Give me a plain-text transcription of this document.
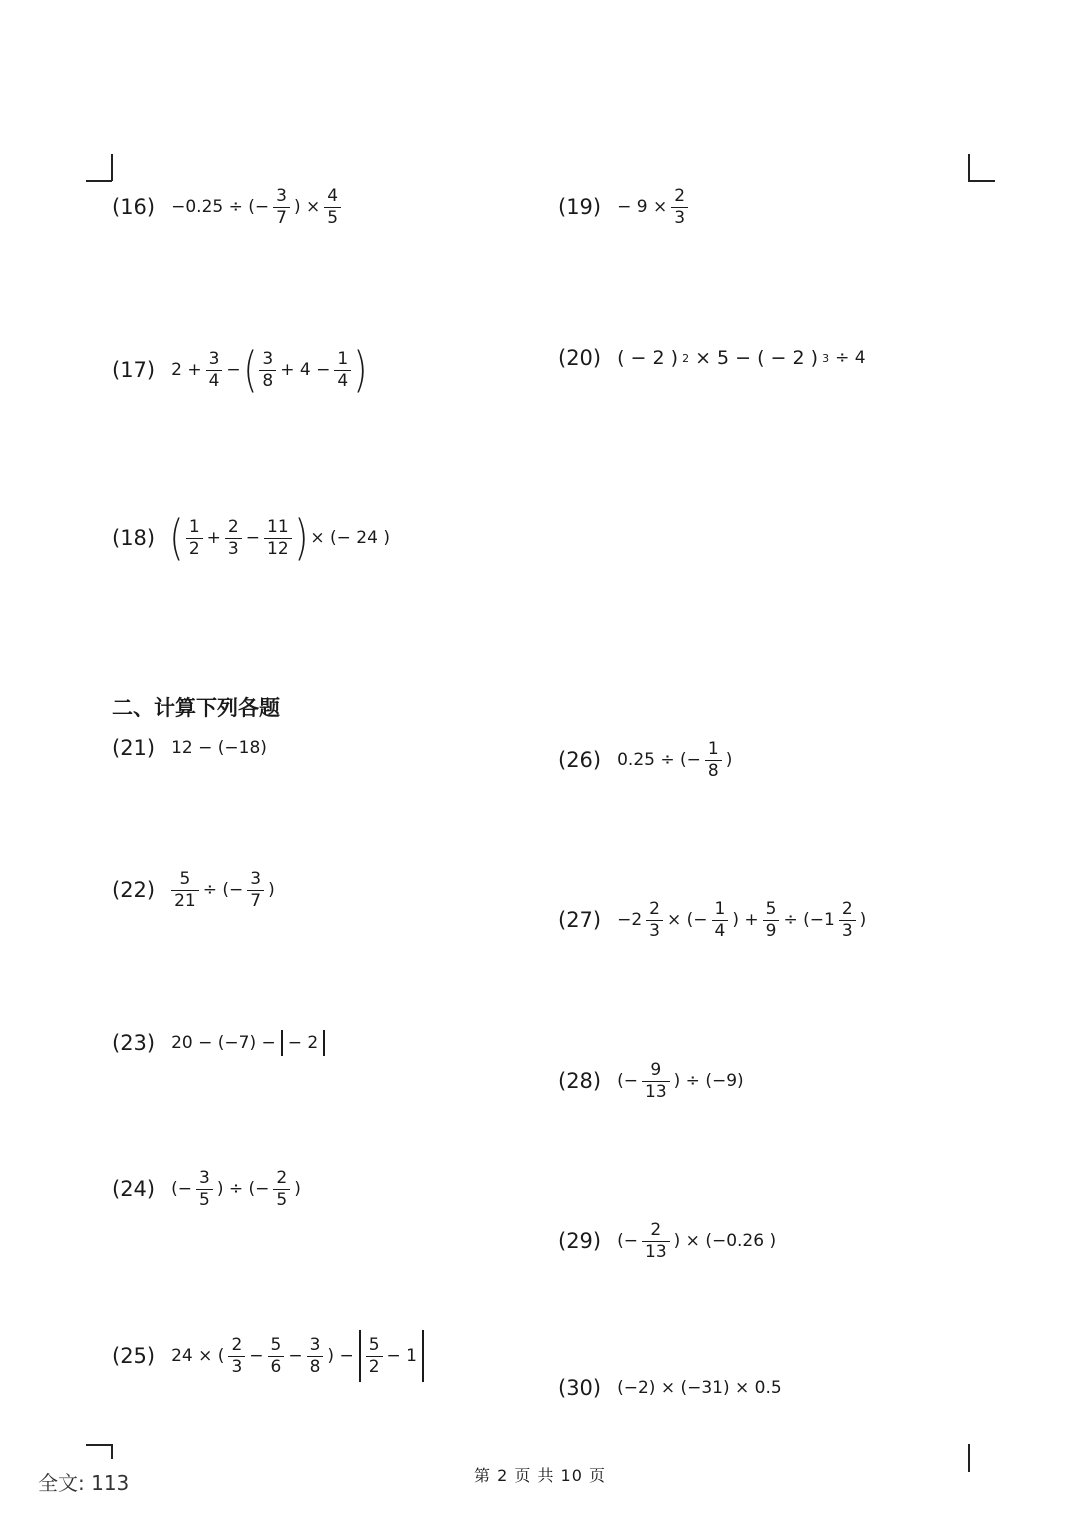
(16) −0.25 ÷ (− $\frac{3}{7}$ ) × $\frac{4}{5}$
(17) $2 + \frac{3}{4}$ − ( $\frac{3}{8} + 4 - \frac{1}{4}$ )
(18) ( $\frac{1}{2} + \frac{2}{3} - \frac{11}{12}$ ) × (− 24 )
$(19) - 9 \times \frac{2}{3}$
(20) ( − 2 ) 2 × 5 − ( − 2 ) 3 ÷ 4
二、计算下列各题
(21) 12 − (−18)
$(22) \frac{5}{21}$ ÷ (− $\frac{3}{7}$ )
(23) 20 − (−7) − − 2
(24) (− $\frac{3}{5}$ ) ÷ (− $\frac{2}{5}$ )
(25) 24 × ( $\frac{2}{3} - \frac{5}{6} - \frac{3}{8}$ ) − $\frac{5}{2} - 1$
(26) 0.25 ÷ (− $\frac{1}{8}$ )
$(27) -2 \frac{2}{3}$ × (− $\frac{1}{4}$ ) + $\frac{5}{9} \div (-1 \frac{2}{3}$ )
(28) (− $\frac{9}{13}$ ) ÷ (−9)
(29) (− $\frac{2}{13}$ ) × (−0.26 )
(30) (−2) × (−31) × 0.5
全文: 113	第 2 页 共 10 页
